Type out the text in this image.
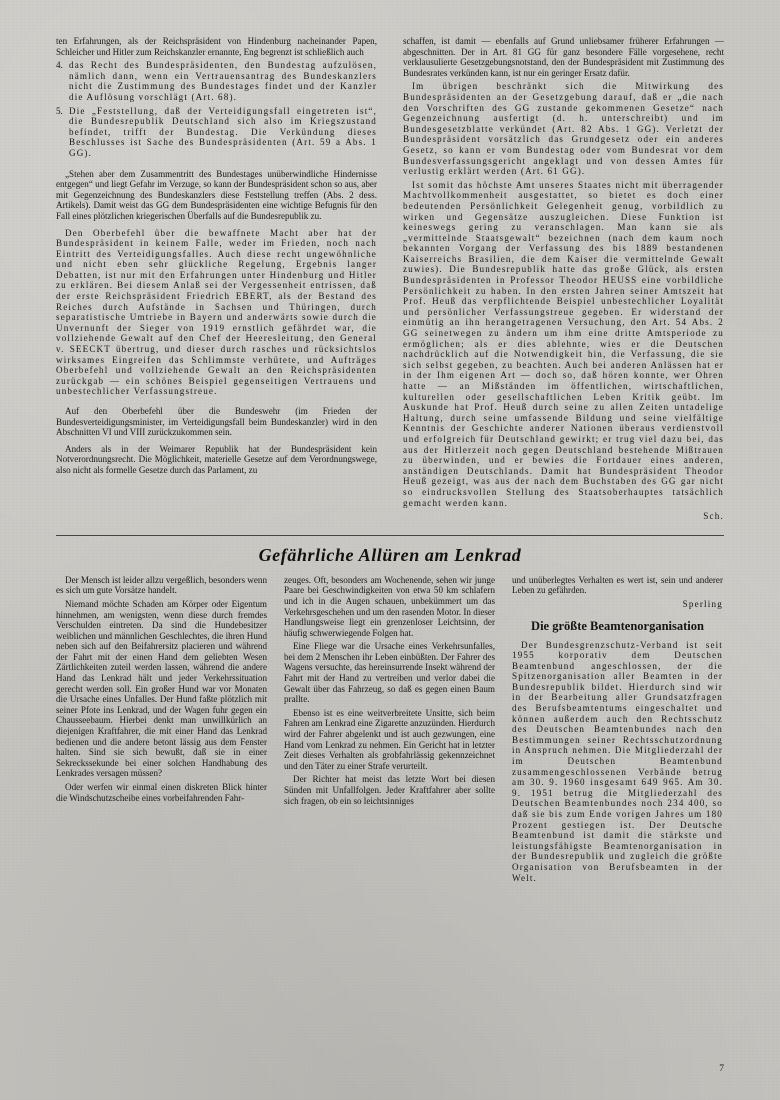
ten Erfahrungen, als der Reichspräsident von Hindenburg nacheinander Papen, Schleicher und Hitler zum Reichskanzler ernannte, Eng begrenzt ist schließlich auch

4. das Recht des Bundespräsidenten, den Bundestag aufzulösen, nämlich dann, wenn ein Vertrauensantrag des Bundeskanzlers nicht die Zustimmung des Bundestages findet und der Kanzler die Auflösung vorschlägt (Art. 68).

5. Die „Feststellung, daß der Verteidigungsfall eingetreten ist“, die Bundesrepublik Deutschland sich also im Kriegszustand befindet, trifft der Bundestag. Die Verkündung dieses Beschlusses ist Sache des Bundespräsidenten (Art. 59 a Abs. 1 GG).

„Stehen aber dem Zusammentritt des Bundestages unüberwindliche Hindernisse entgegen“ und liegt Gefahr im Verzuge, so kann der Bundespräsident schon so aus, aber mit Gegenzeichnung des Bundeskanzlers diese Feststellung treffen (Abs. 2 dess. Artikels). Damit weist das GG dem Bundespräsidenten eine wichtige Befugnis für den Fall eines plötzlichen kriegerischen Überfalls auf die Bundesrepublik zu.

Den Oberbefehl über die bewaffnete Macht aber hat der Bundespräsident in keinem Falle, weder im Frieden, noch nach Eintritt des Verteidigungsfalles. Auch diese recht ungewöhnliche und nicht eben sehr glückliche Regelung, Ergebnis langer Debatten, ist nur mit den Erfahrungen unter Hindenburg und Hitler zu erklären. Bei diesem Anlaß sei der Vergessenheit entrissen, daß der erste Reichspräsident Friedrich EBERT, als der Bestand des Reiches durch Aufstände in Sachsen und Thüringen, durch separatistische Umtriebe in Bayern und anderwärts sowie durch die Unvernunft der Sieger von 1919 ernstlich gefährdet war, die vollziehende Gewalt auf den Chef der Heeresleitung, den General v. SEECKT übertrug, und dieser durch rasches und rücksichtslos wirksames Eingreifen das Schlimmste verhütete, und Aufträges Oberbefehl und vollziehende Gewalt an den Reichspräsidenten zurückgab — ein schönes Beispiel gegenseitigen Vertrauens und unbestechlicher Verfassungstreue.

Auf den Oberbefehl über die Bundeswehr (im Frieden der Bundesverteidigungsminister, im Verteidigungsfall beim Bundeskanzler) wird in den Abschnitten VI und VIII zurückzukommen sein.

Anders als in der Weimarer Republik hat der Bundespräsident kein Notverordnungsrecht. Die Möglichkeit, materielle Gesetze auf dem Verordnungswege, also nicht als formelle Gesetze durch das Parlament, zu

schaffen, ist damit — ebenfalls auf Grund unliebsamer früherer Erfahrungen — abgeschnitten. Der in Art. 81 GG für ganz besondere Fälle vorgesehene, recht verklausulierte Gesetzgebungsnotstand, den der Bundespräsident mit Zustimmung des Bundesrates verkünden kann, ist nur ein geringer Ersatz dafür.

Im übrigen beschränkt sich die Mitwirkung des Bundespräsidenten an der Gesetzgebung darauf, daß er „die nach den Vorschriften des GG zustande gekommenen Gesetze“ nach Gegenzeichnung ausfertigt (d. h. unterschreibt) und im Bundesgesetzblatte verkündet (Art. 82 Abs. 1 GG). Verletzt der Bundespräsident vorsätzlich das Grundgesetz oder ein anderes Gesetz, so kann er vom Bundestag oder vom Bundesrat vor dem Bundesverfassungsgericht angeklagt und von dessen Amtes für verlustig erklärt werden (Art. 61 GG).

Ist somit das höchste Amt unseres Staates nicht mit überragender Machtvollkommenheit ausgestattet, so bietet es doch einer bedeutenden Persönlichkeit Gelegenheit genug, vorbildlich zu wirken und Gegensätze auszugleichen. Diese Funktion ist keineswegs gering zu veranschlagen. Man kann sie als „vermittelnde Staatsgewalt“ bezeichnen (nach dem kaum noch bekannten Vorgang der Verfassung des bis 1889 bestandenen Kaiserreichs Brasilien, die dem Kaiser die vermittelnde Gewalt zuwies). Die Bundesrepublik hatte das große Glück, als ersten Bundespräsidenten in Professor Theodor HEUSS eine vorbildliche Persönlichkeit zu haben. In den ersten Jahren seiner Amtszeit hat Prof. Heuß das verpflichtende Beispiel unbestechlicher Loyalität und persönlicher Verfassungstreue gegeben. Er widerstand der einmütig an ihn herangetragenen Versuchung, den Art. 54 Abs. 2 GG seinetwegen zu ändern um ihm eine dritte Amtsperiode zu ermöglichen; als er dies ablehnte, wies er die Deutschen nachdrücklich auf die Notwendigkeit hin, die Verfassung, die sie sich selbst gegeben, zu beachten. Auch bei anderen Anlässen hat er in der Ihm eigenen Art — doch so, daß hören konnte, wer Ohren hatte — an Mißständen im öffentlichen, wirtschaftlichen, kulturellen oder gesellschaftlichen Leben Kritik geübt. Im Auskunde hat Prof. Heuß durch seine zu allen Zeiten untadelige Haltung, durch seine umfassende Bildung und seine vielfältige Kenntnis der Geschichte anderer Nationen überaus verdienstvoll und erfolgreich für Deutschland gewirkt; er trug viel dazu bei, das aus der Hitlerzeit noch gegen Deutschland bestehende Mißtrauen zu überwinden, und er bewies die Fortdauer eines anderen, anständigen Deutschlands. Damit hat Bundespräsident Theodor Heuß gezeigt, was aus der nach dem Buchstaben des GG gar nicht so eindrucksvollen Stellung des Staatsoberhauptes tatsächlich gemacht werden kann.

Sch.

Gefährliche Allüren am Lenkrad

Der Mensch ist leider allzu vergeßlich, besonders wenn es sich um gute Vorsätze handelt.

Niemand möchte Schaden am Körper oder Eigentum hinnehmen, am wenigsten, wenn diese durch fremdes Verschulden eintreten. Da sind die Hundebesitzer weiblichen und männlichen Geschlechtes, die ihren Hund neben sich auf den Beifahrersitz placieren und während der Fahrt mit der einen Hand dem geliebten Wesen Zärtlichkeiten zuteil werden lassen, während die andere Hand das Lenkrad hält und jeder Verkehrssituation gerecht werden soll. Ein großer Hund war vor Monaten die Ursache eines Unfalles. Der Hund faßte plötzlich mit seiner Pfote ins Lenkrad, und der Wagen fuhr gegen ein Chausseebaum. Hierbei denkt man unwillkürlich an diejenigen Kraftfahrer, die mit einer Hand das Lenkrad bedienen und die andere betont lässig aus dem Fenster halten. Sind sie sich bewußt, daß sie in einer Sekreckssekunde bei einer solchen Handhabung des Lenkrades versagen müssen?

Oder werfen wir einmal einen diskreten Blick hinter die Windschutzscheibe eines vorbeifahrenden Fahr-

zeuges. Oft, besonders am Wochenende, sehen wir junge Paare bei Geschwindigkeiten von etwa 50 km schlafern und ich in die Augen schauen, unbekümmert um das Verkehrsgeschehen und um den rasenden Motor. In dieser Handlungsweise liegt ein grenzenloser Leichtsinn, der häufig schwerwiegende Folgen hat.

Eine Fliege war die Ursache eines Verkehrsunfalles, bei dem 2 Menschen ihr Leben einbüßten. Der Fahrer des Wagens versuchte, das hereinsurrende Insekt während der Fahrt mit der Hand zu vertreiben und verlor dabei die Gewalt über das Fahrzeug, so daß es gegen einen Baum prallte.

Ebenso ist es eine weitverbreitete Unsitte, sich beim Fahren am Lenkrad eine Zigarette anzuzünden. Hierdurch wird der Fahrer abgelenkt und ist auch gezwungen, eine Hand vom Lenkrad zu nehmen. Ein Gericht hat in letzter Zeit dieses Verhalten als grobfahrlässig gekennzeichnet und den Täter zu einer Strafe verurteilt.

Der Richter hat meist das letzte Wort bei diesen Sünden mit Unfallfolgen. Jeder Kraftfahrer aber sollte sich fragen, ob ein so leichtsinniges

und unüberlegtes Verhalten es wert ist, sein und anderer Leben zu gefährden.

Sperling

Die größte Beamtenorganisation

Der Bundesgrenzschutz-Verband ist seit 1955 korporativ dem Deutschen Beamtenbund angeschlossen, der die Spitzenorganisation aller Beamten in der Bundesrepublik bildet. Hierdurch sind wir in der Bearbeitung aller Grundsatzfragen des Berufsbeamtentums eingeschaltet und können außerdem auch den Rechtsschutz des Deutschen Beamtenbundes nach den Bestimmungen seiner Rechtsschutzordnung in Anspruch nehmen. Die Mitgliederzahl der im Deutschen Beamtenbund zusammengeschlossenen Verbände betrug am 30. 9. 1960 insgesamt 649 965. Am 30. 9. 1951 betrug die Mitgliederzahl des Deutschen Beamtenbundes noch 234 400, so daß sie bis zum Ende vorigen Jahres um 180 Prozent gestiegen ist. Der Deutsche Beamtenbund ist damit die stärkste und leistungsfähigste Beamtenorganisation in der Bundesrepublik und zugleich die größte Organisation von Berufsbeamten in der Welt.

7
